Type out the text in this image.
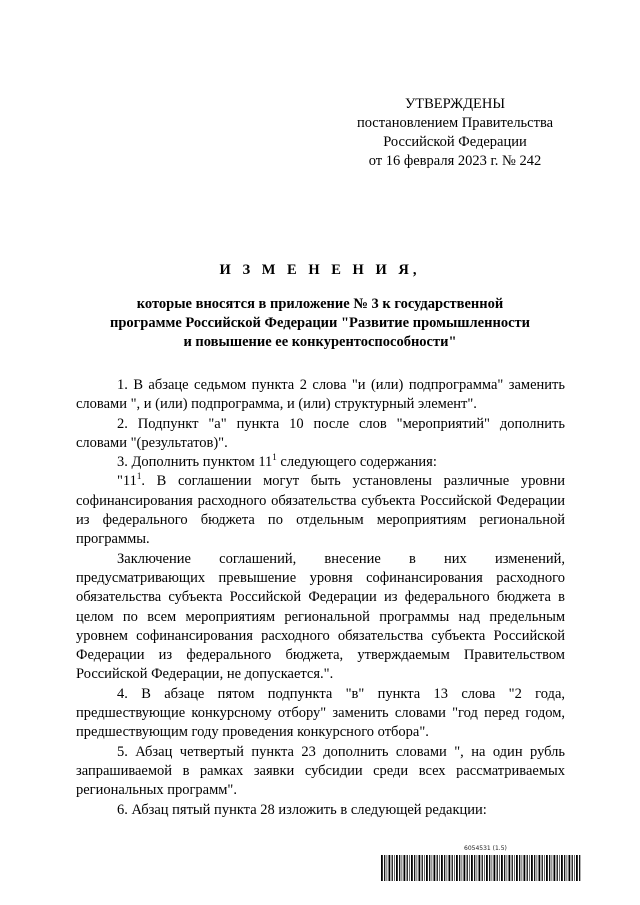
УТВЕРЖДЕНЫ
постановлением Правительства
Российской Федерации
от 16 февраля 2023 г. № 242
И З М Е Н Е Н И Я,
которые вносятся в приложение № 3 к государственной
программе Российской Федерации "Развитие промышленности
и повышение ее конкурентоспособности"

1. В абзаце седьмом пункта 2 слова "и (или) подпрограмма" заменить словами ", и (или) подпрограмма, и (или) структурный элемент".

2. Подпункт "а" пункта 10 после слов "мероприятий" дополнить словами "(результатов)".

3. Дополнить пунктом $11^1$ следующего содержания:

"$11^1$. В соглашении могут быть установлены различные уровни софинансирования расходного обязательства субъекта Российской Федерации из федерального бюджета по отдельным мероприятиям региональной программы.

Заключение соглашений, внесение в них изменений, предусматривающих превышение уровня софинансирования расходного обязательства субъекта Российской Федерации из федерального бюджета в целом по всем мероприятиям региональной программы над предельным уровнем софинансирования расходного обязательства субъекта Российской Федерации из федерального бюджета, утверждаемым Правительством Российской Федерации, не допускается.".

4. В абзаце пятом подпункта "в" пункта 13 слова "2 года, предшествующие конкурсному отбору" заменить словами "год перед годом, предшествующим году проведения конкурсного отбора".

5. Абзац четвертый пункта 23 дополнить словами ", на один рубль запрашиваемой в рамках заявки субсидии среди всех рассматриваемых региональных программ".

6. Абзац пятый пункта 28 изложить в следующей редакции:

6054531 (1.5)
